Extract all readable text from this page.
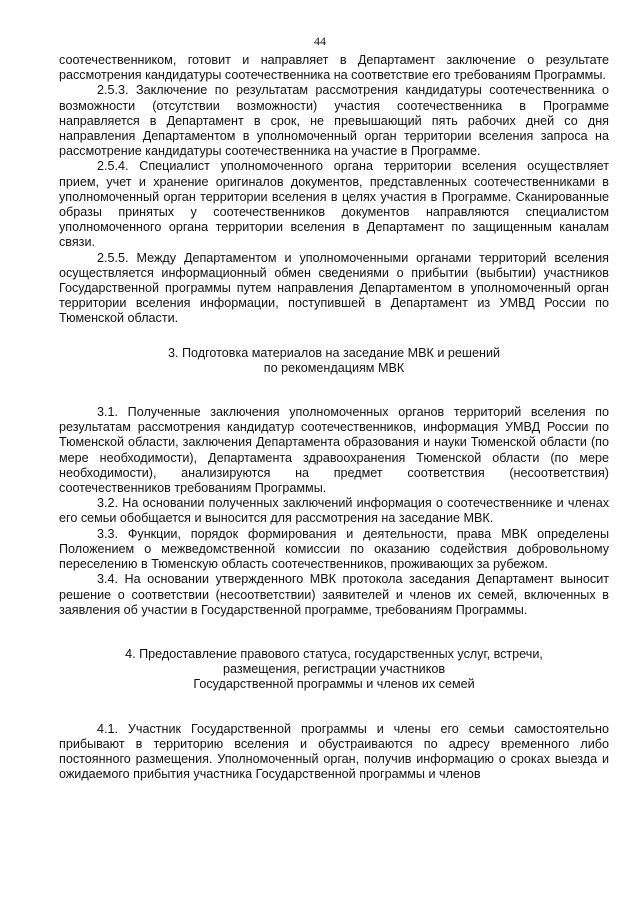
44

соотечественником, готовит и направляет в Департамент заключение о результате рассмотрения кандидатуры соотечественника на соответствие его требованиям Программы.

2.5.3. Заключение по результатам рассмотрения кандидатуры соотечественника о возможности (отсутствии возможности) участия соотечественника в Программе направляется в Департамент в срок, не превышающий пять рабочих дней со дня направления Департаментом в уполномоченный орган территории вселения запроса на рассмотрение кандидатуры соотечественника на участие в Программе.

2.5.4. Специалист уполномоченного органа территории вселения осуществляет прием, учет и хранение оригиналов документов, представленных соотечественниками в уполномоченный орган территории вселения в целях участия в Программе. Сканированные образы принятых у соотечественников документов направляются специалистом уполномоченного органа территории вселения в Департамент по защищенным каналам связи.

2.5.5. Между Департаментом и уполномоченными органами территорий вселения осуществляется информационный обмен сведениями о прибытии (выбытии) участников Государственной программы путем направления Департаментом в уполномоченный орган территории вселения информации, поступившей в Департамент из УМВД России по Тюменской области.

3. Подготовка материалов на заседание МВК и решений
по рекомендациям МВК

3.1. Полученные заключения уполномоченных органов территорий вселения по результатам рассмотрения кандидатур соотечественников, информация УМВД России по Тюменской области, заключения Департамента образования и науки Тюменской области (по мере необходимости), Департамента здравоохранения Тюменской области (по мере необходимости), анализируются на предмет соответствия (несоответствия) соотечественников требованиям Программы.

3.2. На основании полученных заключений информация о соотечественнике и членах его семьи обобщается и выносится для рассмотрения на заседание МВК.

3.3. Функции, порядок формирования и деятельности, права МВК определены Положением о межведомственной комиссии по оказанию содействия добровольному переселению в Тюменскую область соотечественников, проживающих за рубежом.

3.4. На основании утвержденного МВК протокола заседания Департамент выносит решение о соответствии (несоответствии) заявителей и членов их семей, включенных в заявления об участии в Государственной программе, требованиям Программы.

4. Предоставление правового статуса, государственных услуг, встречи,
размещения, регистрации участников
Государственной программы и членов их семей

4.1. Участник Государственной программы и члены его семьи самостоятельно прибывают в территорию вселения и обустраиваются по адресу временного либо постоянного размещения. Уполномоченный орган, получив информацию о сроках выезда и ожидаемого прибытия участника Государственной программы и членов
